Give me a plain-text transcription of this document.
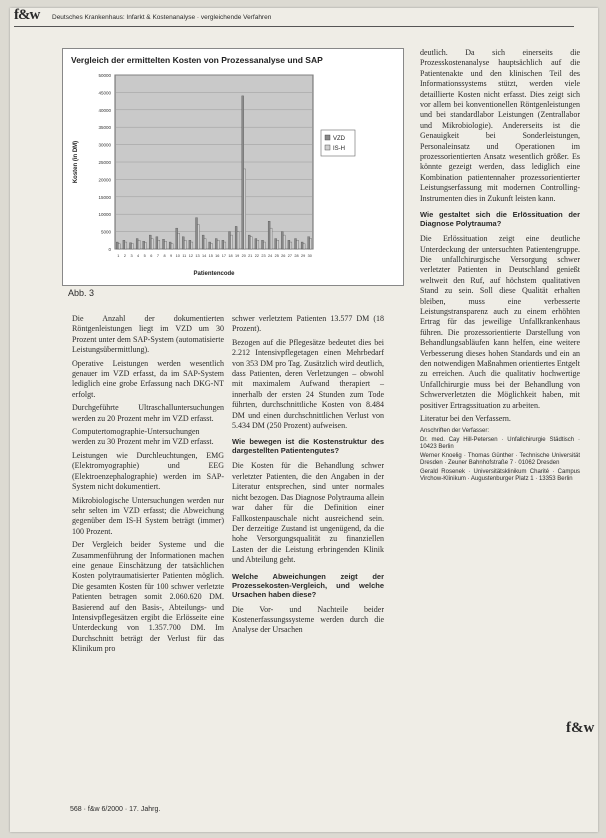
f&w Deutsches Krankenhaus: Infarkt & Kostenanalyse · vergleichende Verfahren
Vergleich der ermittelten Kosten von Prozessanalyse und SAP
0
5000
10000
15000
20000
25000
30000
35000
40000
45000
50000
Kosten (in DM)
Patientencode
1 2 3 4 5 6 7 8 9 10 11 12 13 14 15 16 17 18 19 20 21 22 23 24 25 26 27 28 29 30
VZD
IS-H
Abb. 3

Die Anzahl der dokumentierten Röntgenleistungen liegt im VZD um 30 Prozent unter dem SAP-System (automatisierte Leistungsübermittlung).

Operative Leistungen werden wesentlich genauer im VZD erfasst, da im SAP-System lediglich eine grobe Erfassung nach DKG-NT erfolgt.

Durchgeführte Ultraschalluntersuchungen werden zu 20 Prozent mehr im VZD erfasst.

Computertomographie-Untersuchungen werden zu 30 Prozent mehr im VZD erfasst.

Leistungen wie Durchleuchtungen, EMG (Elektromyographie) und EEG (Elektroenzephalographie) werden im SAP-System nicht dokumentiert.

Mikrobiologische Untersuchungen werden nur sehr selten im VZD erfasst; die Abweichung gegenüber dem IS-H System beträgt (immer) 100 Prozent.

Der Vergleich beider Systeme und die Zusammenführung der Informationen machen eine genaue Einschätzung der tatsächlichen Kosten polytraumatisierter Patienten möglich. Die gesamten Kosten für 100 schwer verletzte Patienten betragen somit 2.060.620 DM. Basierend auf den Basis-, Abteilungs- und Intensivpflegesätzen ergibt die Erlösseite eine Unterdeckung von 1.357.700 DM. Im Durchschnitt beträgt der Verlust für das Klinikum pro

schwer verletztem Patienten 13.577 DM (18 Prozent).

Bezogen auf die Pflegesätze bedeutet dies bei 2.212 Intensivpflegetagen einen Mehrbedarf von 353 DM pro Tag. Zusätzlich wird deutlich, dass Patienten, deren Verletzungen – obwohl mit maximalem Aufwand therapiert – innerhalb der ersten 24 Stunden zum Tode führten, durchschnittliche Kosten von 8.484 DM und einen durchschnittlichen Verlust von 5.434 DM (250 Prozent) aufweisen.

Wie bewegen ist die Kostenstruktur des dargestellten Patientengutes?

Die Kosten für die Behandlung schwer verletzter Patienten, die den Angaben in der Literatur entsprechen, sind unter normales nicht bezogen. Das Diagnose Polytrauma allein war daher für die Definition einer Fallkostenpauschale nicht ausreichend sein. Der derzeitige Zustand ist ungenügend, da die hohe Versorgungsqualität zu finanziellen Lasten der die Leistung erbringenden Klinik und Abteilung geht.

Welche Abweichungen zeigt der Prozessekosten-Vergleich, und welche Ursachen haben diese?

Die Vor- und Nachteile beider Kostenerfassungssysteme werden durch die Analyse der Ursachen

deutlich. Da sich einerseits die Prozesskostenanalyse hauptsächlich auf die Patientenakte und den klinischen Teil des Informationssystems stützt, werden viele detaillierte Kosten nicht erfasst. Dies zeigt sich vor allem bei konventionellen Röntgenleistungen und bei standardlabor Leistungen (Zentrallabor und Mikrobiologie). Andererseits ist die Genauigkeit bei Sonderleistungen, Personaleinsatz und Operationen im prozessorientierten Ansatz wesentlich größer. Es könnte gezeigt werden, dass lediglich eine Kombination patientennaher prozessorientierter Leistungserfassung mit modernen Controlling-Instrumenten dies in Zukunft leisten kann.

Wie gestaltet sich die Erlössituation der Diagnose Polytrauma?

Die Erlössituation zeigt eine deutliche Unterdeckung der untersuchten Patientengruppe. Die unfallchirurgische Versorgung schwer verletzter Patienten in Deutschland genießt weltweit den Ruf, auf höchstem qualitativen Stand zu sein. Soll diese Qualität erhalten bleiben, muss eine verbesserte Leistungstransparenz auch zu einem erhöhten Ertrag für das jeweilige Unfallkrankenhaus führen. Die prozessorientierte Darstellung von Behandlungsabläufen kann helfen, eine weitere Verbesserung dieses hohen Standards und ein an den notwendigen Maßnahmen orientiertes Entgelt zu erreichen. Auch die qualitativ hochwertige Unfallchirurgie muss bei der Behandlung von Schwerverletzten die Möglichkeit haben, mit positiver Ertragssituation zu arbeiten.

Literatur bei den Verfassern.

Anschriften der Verfasser:
Dr. med. Cay Hill-Petersen · Unfallchirurgie Städtisch · 10423 Berlin
Werner Knoelig · Thomas Günther · Technische Universität Dresden · Zeuner Bahnhofstraße 7 · 01062 Dresden
Gerald Rosenek · Universitätsklinikum Charité · Campus Virchow-Klinikum · Augustenburger Platz 1 · 13353 Berlin
568 · f&w 6/2000 · 17. Jahrg.
f&w
